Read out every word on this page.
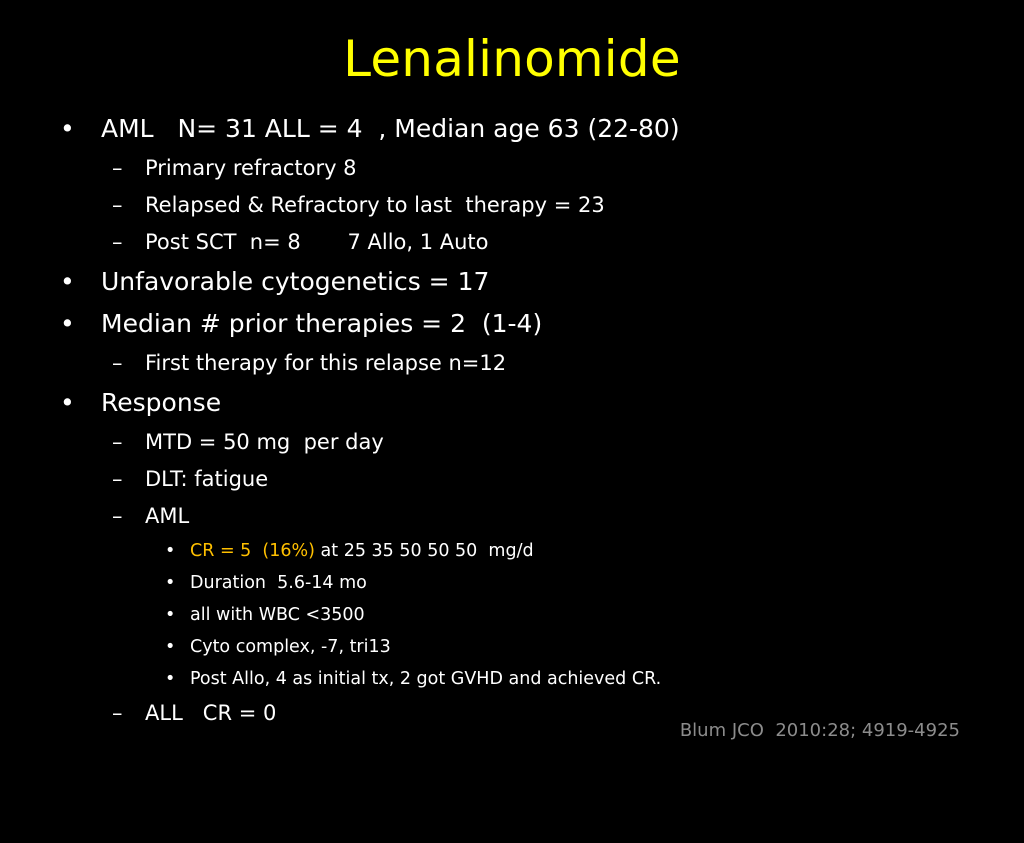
Lenalinomide

•

AML   N= 31 ALL = 4  , Median age 63 (22-80)

–

Primary refractory 8

–

Relapsed & Refractory to last  therapy = 23

–

Post SCT  n= 8       7 Allo, 1 Auto

•

Unfavorable cytogenetics = 17

•

Median # prior therapies = 2  (1-4)

–

First therapy for this relapse n=12

•

Response

–

MTD = 50 mg  per day

–

DLT: fatigue

–

AML

•

CR = 5  (16%) at 25 35 50 50 50  mg/d

•

Duration  5.6-14 mo

•

all with WBC <3500

•

Cyto complex, -7, tri13

•

Post Allo, 4 as initial tx, 2 got GVHD and achieved CR.

–

ALL   CR = 0

Blum JCO  2010:28; 4919-4925
